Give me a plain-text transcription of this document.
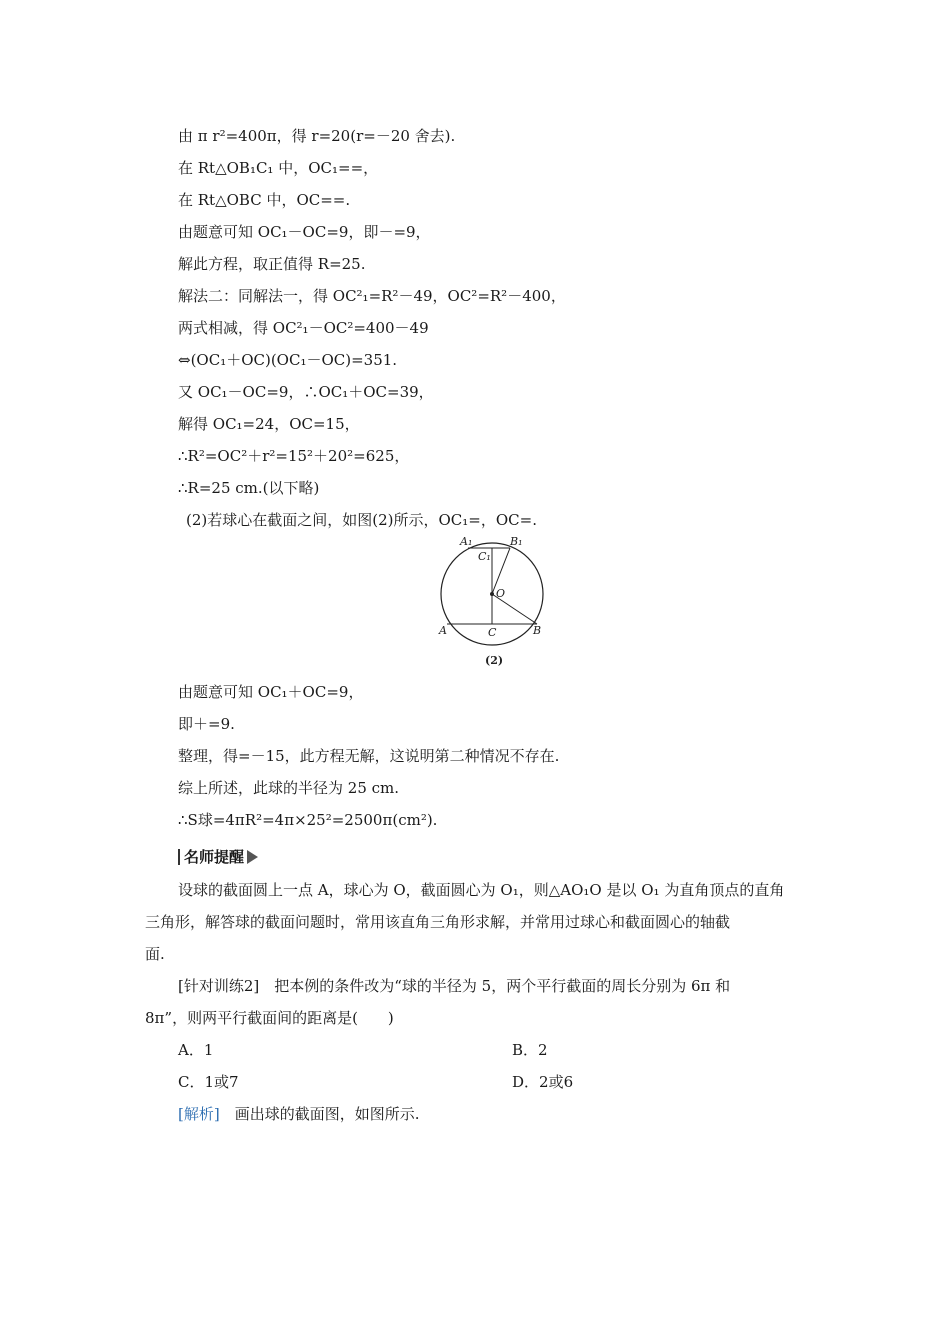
由 π r²=400π，得 r=20(r=－20 舍去).
在 Rt△OB₁C₁ 中，OC₁==，
在 Rt△OBC 中，OC==.
由题意可知 OC₁－OC=9，即－=9，
解此方程，取正值得 R=25.
解法二：同解法一，得 OC²₁=R²－49，OC²=R²－400，
两式相减，得 OC²₁－OC²=400－49
⇔(OC₁＋OC)(OC₁－OC)=351.
又 OC₁－OC=9，∴OC₁＋OC=39，
解得 OC₁=24，OC=15，
∴R²=OC²＋r²=15²＋20²=625，
∴R=25 cm.(以下略)
(2)若球心在截面之间，如图(2)所示，OC₁=，OC=.
A₁	B₁
C₁
O
A	C	B
(2)
由题意可知 OC₁＋OC=9，
即＋=9.
整理，得=－15，此方程无解，这说明第二种情况不存在.
综上所述，此球的半径为 25 cm.
∴S球=4πR²=4π×25²=2500π(cm²).
名师提醒
设球的截面圆上一点 A，球心为 O，截面圆心为 O₁，则△AO₁O 是以 O₁ 为直角顶点的直角
三角形，解答球的截面问题时，常用该直角三角形求解，并常用过球心和截面圆心的轴截
面.
[针对训练2]　把本例的条件改为“球的半径为 5，两个平行截面的周长分别为 6π 和
8π”，则两平行截面间的距离是(　　)
A．1	B．2
C．1或7	D．2或6
[解析]　画出球的截面图，如图所示.
